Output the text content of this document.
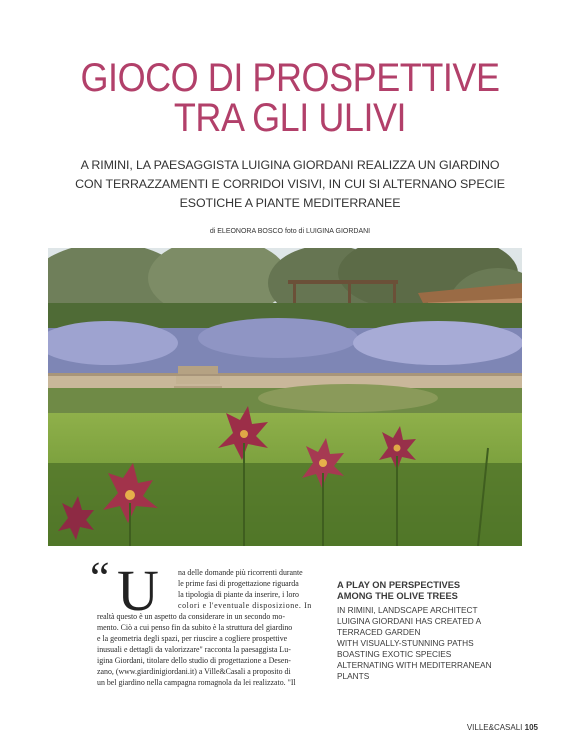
GIOCO DI PROSPETTIVE
TRA GLI ULIVI
A RIMINI, LA PAESAGGISTA LUIGINA GIORDANI REALIZZA UN GIARDINO
CON TERRAZZAMENTI E CORRIDOI VISIVI, IN CUI SI ALTERNANO SPECIE
ESOTICHE A PIANTE MEDITERRANEE
di ELEONORA BOSCO foto di LUIGINA GIORDANI
“ U na delle domande più ricorrenti durante
le prime fasi di progettazione riguarda
la tipologia di piante da inserire, i loro
colori e l'eventuale disposizione. In
realtà questo è un aspetto da considerare in un secondo mo-
mento. Ciò a cui penso fin da subito è la struttura del giardino
e la geometria degli spazi, per riuscire a cogliere prospettive
inusuali e dettagli da valorizzare" racconta la paesaggista Lu-
igina Giordani, titolare dello studio di progettazione a Desen-
zano, (www.giardinigiordani.it) a Ville&Casali a proposito di
un bel giardino nella campagna romagnola da lei realizzato. "Il
A PLAY ON PERSPECTIVES
AMONG THE OLIVE TREES
IN RIMINI, LANDSCAPE ARCHITECT
LUIGINA GIORDANI HAS CREATED A
TERRACED GARDEN
WITH VISUALLY-STUNNING PATHS
BOASTING EXOTIC SPECIES
ALTERNATING WITH MEDITERRANEAN
PLANTS
VILLE&CASALI 105
